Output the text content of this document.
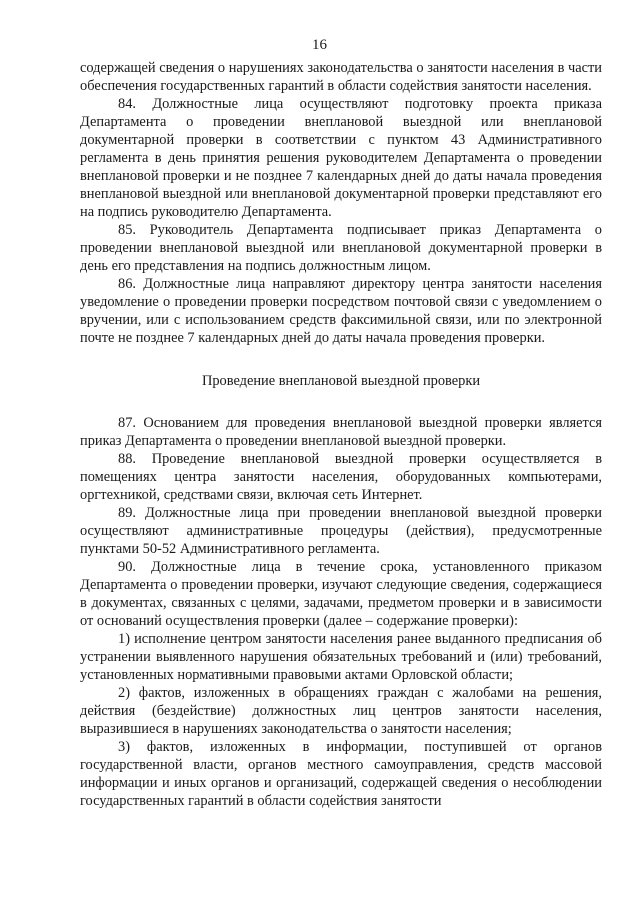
16

содержащей сведения о нарушениях законодательства о занятости населения в части обеспечения государственных гарантий в области содействия занятости населения.

84. Должностные лица осуществляют подготовку проекта приказа Департамента о проведении внеплановой выездной или внеплановой документарной проверки в соответствии с пунктом 43 Административного регламента в день принятия решения руководителем Департамента о проведении внеплановой проверки и не позднее 7 календарных дней до даты начала проведения внеплановой выездной или внеплановой документарной проверки представляют его на подпись руководителю Департамента.

85. Руководитель Департамента подписывает приказ Департамента о проведении внеплановой выездной или внеплановой документарной проверки в день его представления на подпись должностным лицом.

86. Должностные лица направляют директору центра занятости населения уведомление о проведении проверки посредством почтовой связи с уведомлением о вручении, или с использованием средств факсимильной связи, или по электронной почте не позднее 7 календарных дней до даты начала проведения проверки.

Проведение внеплановой выездной проверки

87. Основанием для проведения внеплановой выездной проверки является приказ Департамента о проведении внеплановой выездной проверки.

88. Проведение внеплановой выездной проверки осуществляется в помещениях центра занятости населения, оборудованных компьютерами, оргтехникой, средствами связи, включая сеть Интернет.

89. Должностные лица при проведении внеплановой выездной проверки осуществляют административные процедуры (действия), предусмотренные пунктами 50-52 Административного регламента.

90. Должностные лица в течение срока, установленного приказом Департамента о проведении проверки, изучают следующие сведения, содержащиеся в документах, связанных с целями, задачами, предметом проверки и в зависимости от оснований осуществления проверки (далее – содержание проверки):

1) исполнение центром занятости населения ранее выданного предписания об устранении выявленного нарушения обязательных требований и (или) требований, установленных нормативными правовыми актами Орловской области;

2) фактов, изложенных в обращениях граждан с жалобами на решения, действия (бездействие) должностных лиц центров занятости населения, выразившиеся в нарушениях законодательства о занятости населения;

3) фактов, изложенных в информации, поступившей от органов государственной власти, органов местного самоуправления, средств массовой информации и иных органов и организаций, содержащей сведения о несоблюдении государственных гарантий в области содействия занятости
